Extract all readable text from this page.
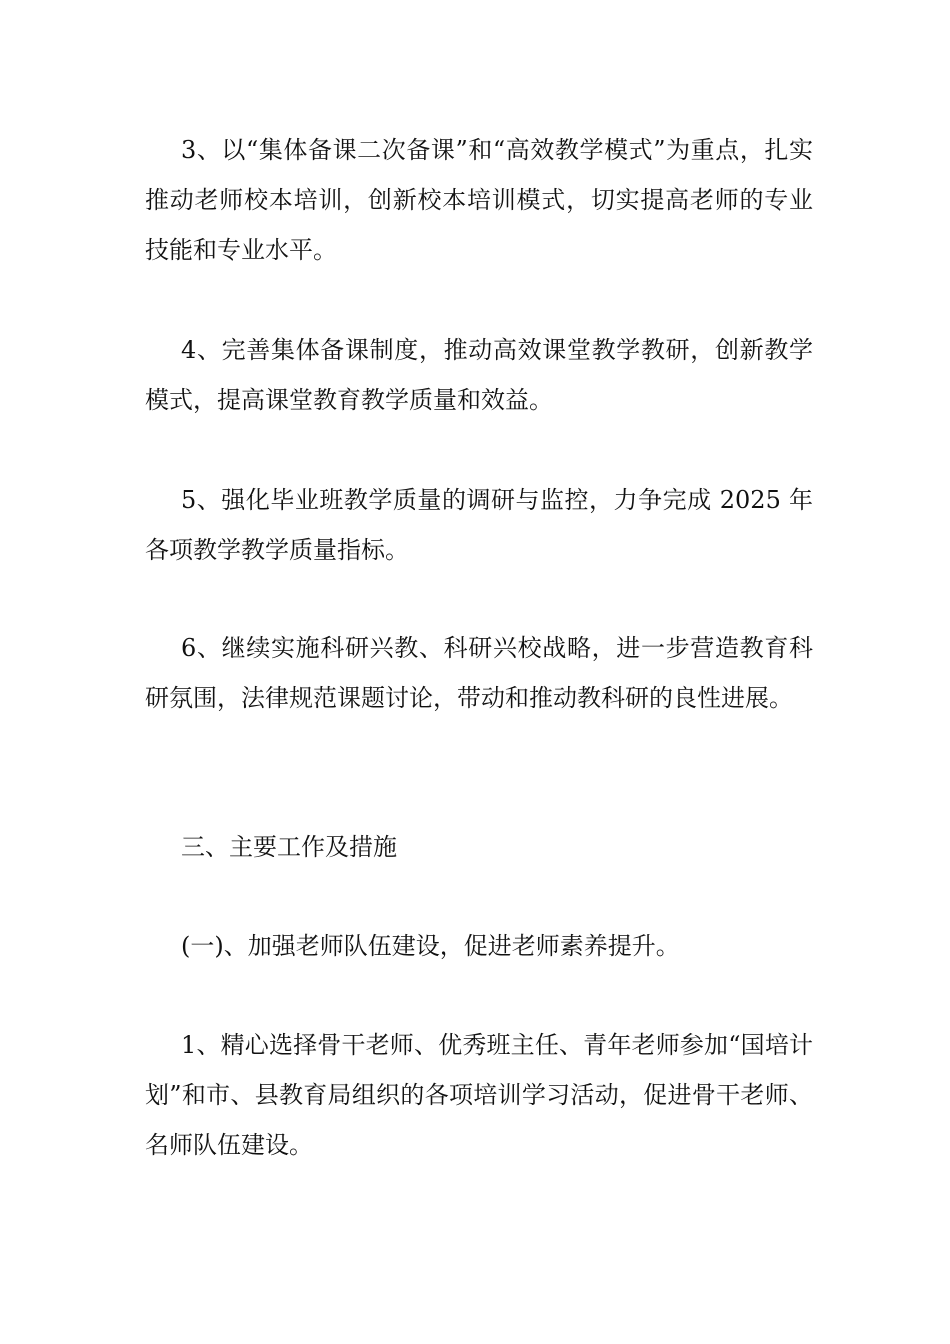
3、以“集体备课二次备课”和“高效教学模式”为重点，扎实推动老师校本培训，创新校本培训模式，切实提高老师的专业技能和专业水平。

4、完善集体备课制度，推动高效课堂教学教研，创新教学模式，提高课堂教育教学质量和效益。

5、强化毕业班教学质量的调研与监控，力争完成 2025 年各项教学教学质量指标。

6、继续实施科研兴教、科研兴校战略，进一步营造教育科研氛围，法律规范课题讨论，带动和推动教科研的良性进展。

三、主要工作及措施

(一)、加强老师队伍建设，促进老师素养提升。

1、精心选择骨干老师、优秀班主任、青年老师参加“国培计划”和市、县教育局组织的各项培训学习活动，促进骨干老师、名师队伍建设。
